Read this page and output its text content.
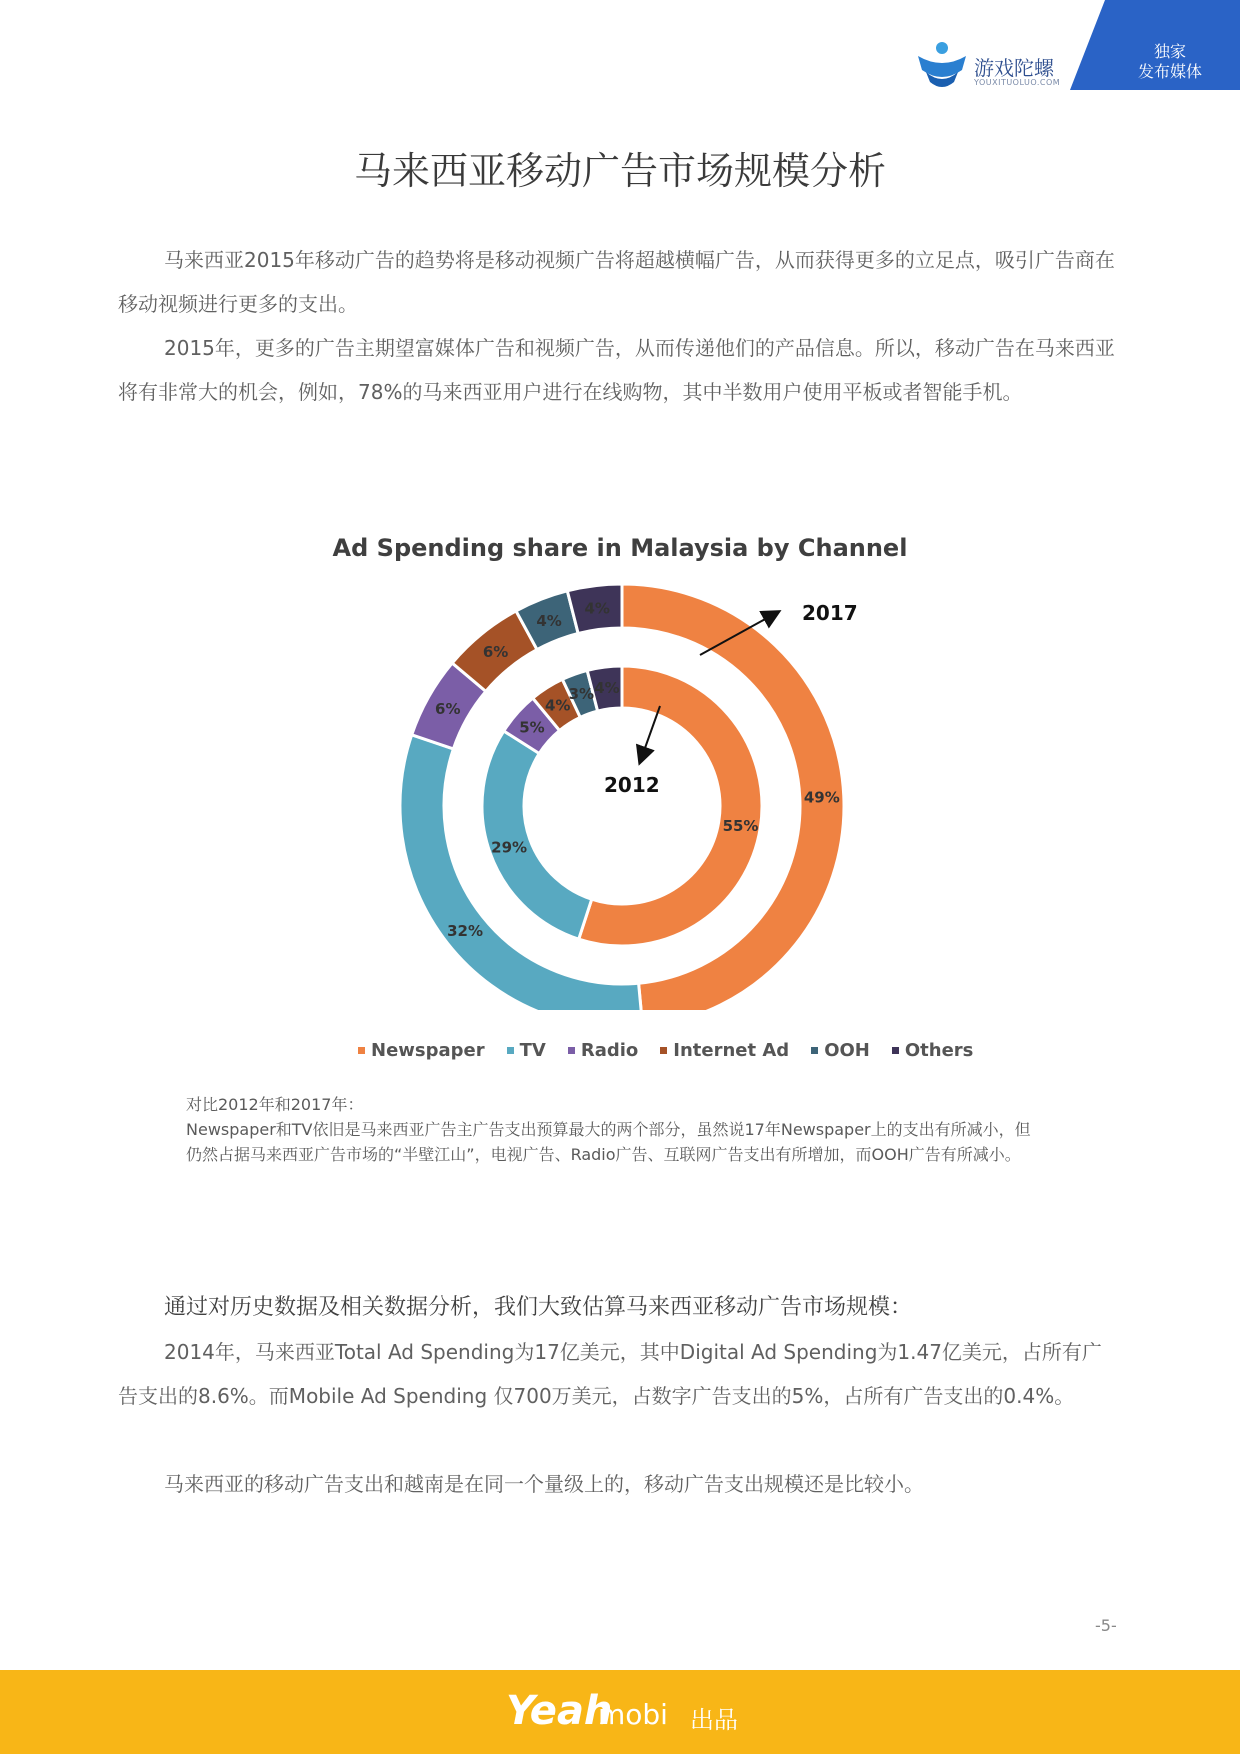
游戏陀螺
YOUXITUOLUO.COM
独家
发布媒体
马来西亚移动广告市场规模分析

马来西亚2015年移动广告的趋势将是移动视频广告将超越横幅广告，从而获得更多的立足点，吸引广告商在移动视频进行更多的支出。

2015年，更多的广告主期望富媒体广告和视频广告，从而传递他们的产品信息。所以，移动广告在马来西亚将有非常大的机会，例如，78%的马来西亚用户进行在线购物，其中半数用户使用平板或者智能手机。

Ad Spending share in Malaysia by Channel
55%
29%
5%
4%
3% 4%
49%
32%
6%
6%
4%
4%	2017
2012
Newspaper TV Radio Internet Ad OOH Others

对比2012年和2017年：

Newspaper和TV依旧是马来西亚广告主广告支出预算最大的两个部分，虽然说17年Newspaper上的支出有所减小，但仍然占据马来西亚广告市场的“半壁江山”，电视广告、Radio广告、互联网广告支出有所增加，而OOH广告有所减小。

通过对历史数据及相关数据分析，我们大致估算马来西亚移动广告市场规模：

2014年，马来西亚Total Ad Spending为17亿美元，其中Digital Ad Spending为1.47亿美元，占所有广告支出的8.6%。而Mobile Ad Spending 仅700万美元，占数字广告支出的5%，占所有广告支出的0.4%。

马来西亚的移动广告支出和越南是在同一个量级上的，移动广告支出规模还是比较小。

-5-
Yeah
mobi 出品
